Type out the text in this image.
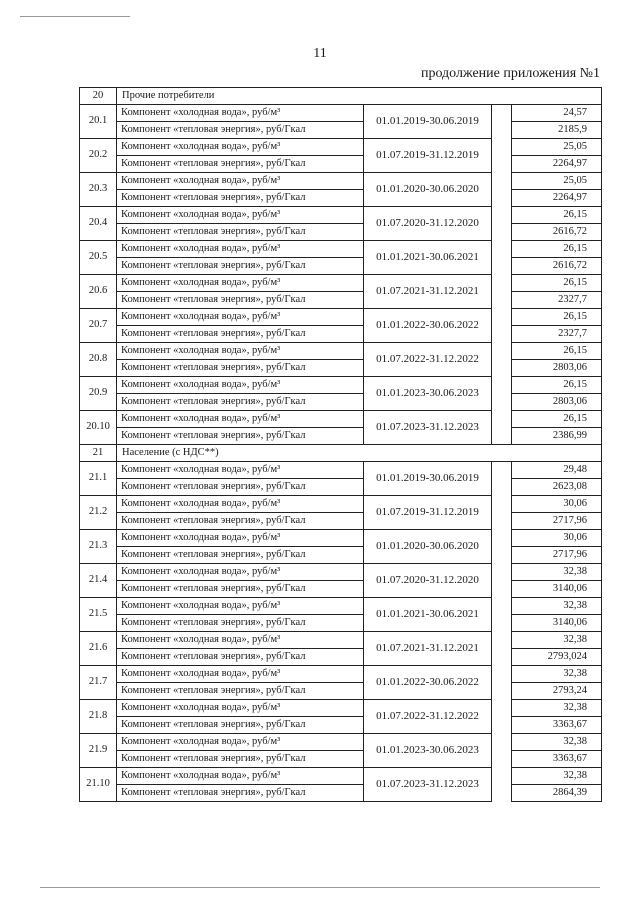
11
продолжение приложения №1
20	Прочие потребители			
20.1	Компонент «холодная вода», руб/м³	01.01.2019-30.06.2019		24,57
	Компонент «тепловая энергия», руб/Гкал			2185,9
20.2	Компонент «холодная вода», руб/м³	01.07.2019-31.12.2019		25,05
	Компонент «тепловая энергия», руб/Гкал			2264,97
20.3	Компонент «холодная вода», руб/м³	01.01.2020-30.06.2020		25,05
	Компонент «тепловая энергия», руб/Гкал			2264,97
20.4	Компонент «холодная вода», руб/м³	01.07.2020-31.12.2020		26,15
	Компонент «тепловая энергия», руб/Гкал			2616,72
20.5	Компонент «холодная вода», руб/м³	01.01.2021-30.06.2021		26,15
	Компонент «тепловая энергия», руб/Гкал			2616,72
20.6	Компонент «холодная вода», руб/м³	01.07.2021-31.12.2021		26,15
	Компонент «тепловая энергия», руб/Гкал			2327,7
20.7	Компонент «холодная вода», руб/м³	01.01.2022-30.06.2022		26,15
	Компонент «тепловая энергия», руб/Гкал			2327,7
20.8	Компонент «холодная вода», руб/м³	01.07.2022-31.12.2022		26,15
	Компонент «тепловая энергия», руб/Гкал			2803,06
20.9	Компонент «холодная вода», руб/м³	01.01.2023-30.06.2023		26,15
	Компонент «тепловая энергия», руб/Гкал			2803,06
20.10	Компонент «холодная вода», руб/м³	01.07.2023-31.12.2023		26,15
	Компонент «тепловая энергия», руб/Гкал			2386,99
21	Население (с НДС**)			
21.1	Компонент «холодная вода», руб/м³	01.01.2019-30.06.2019		29,48
	Компонент «тепловая энергия», руб/Гкал			2623,08
21.2	Компонент «холодная вода», руб/м³	01.07.2019-31.12.2019		30,06
	Компонент «тепловая энергия», руб/Гкал			2717,96
21.3	Компонент «холодная вода», руб/м³	01.01.2020-30.06.2020		30,06
	Компонент «тепловая энергия», руб/Гкал			2717,96
21.4	Компонент «холодная вода», руб/м³	01.07.2020-31.12.2020		32,38
	Компонент «тепловая энергия», руб/Гкал			3140,06
21.5	Компонент «холодная вода», руб/м³	01.01.2021-30.06.2021		32,38
	Компонент «тепловая энергия», руб/Гкал			3140,06
21.6	Компонент «холодная вода», руб/м³	01.07.2021-31.12.2021		32,38
	Компонент «тепловая энергия», руб/Гкал			2793,024
21.7	Компонент «холодная вода», руб/м³	01.01.2022-30.06.2022		32,38
	Компонент «тепловая энергия», руб/Гкал			2793,24
21.8	Компонент «холодная вода», руб/м³	01.07.2022-31.12.2022		32,38
	Компонент «тепловая энергия», руб/Гкал			3363,67
21.9	Компонент «холодная вода», руб/м³	01.01.2023-30.06.2023		32,38
	Компонент «тепловая энергия», руб/Гкал			3363,67
21.10	Компонент «холодная вода», руб/м³	01.07.2023-31.12.2023		32,38
	Компонент «тепловая энергия», руб/Гкал			2864,39
